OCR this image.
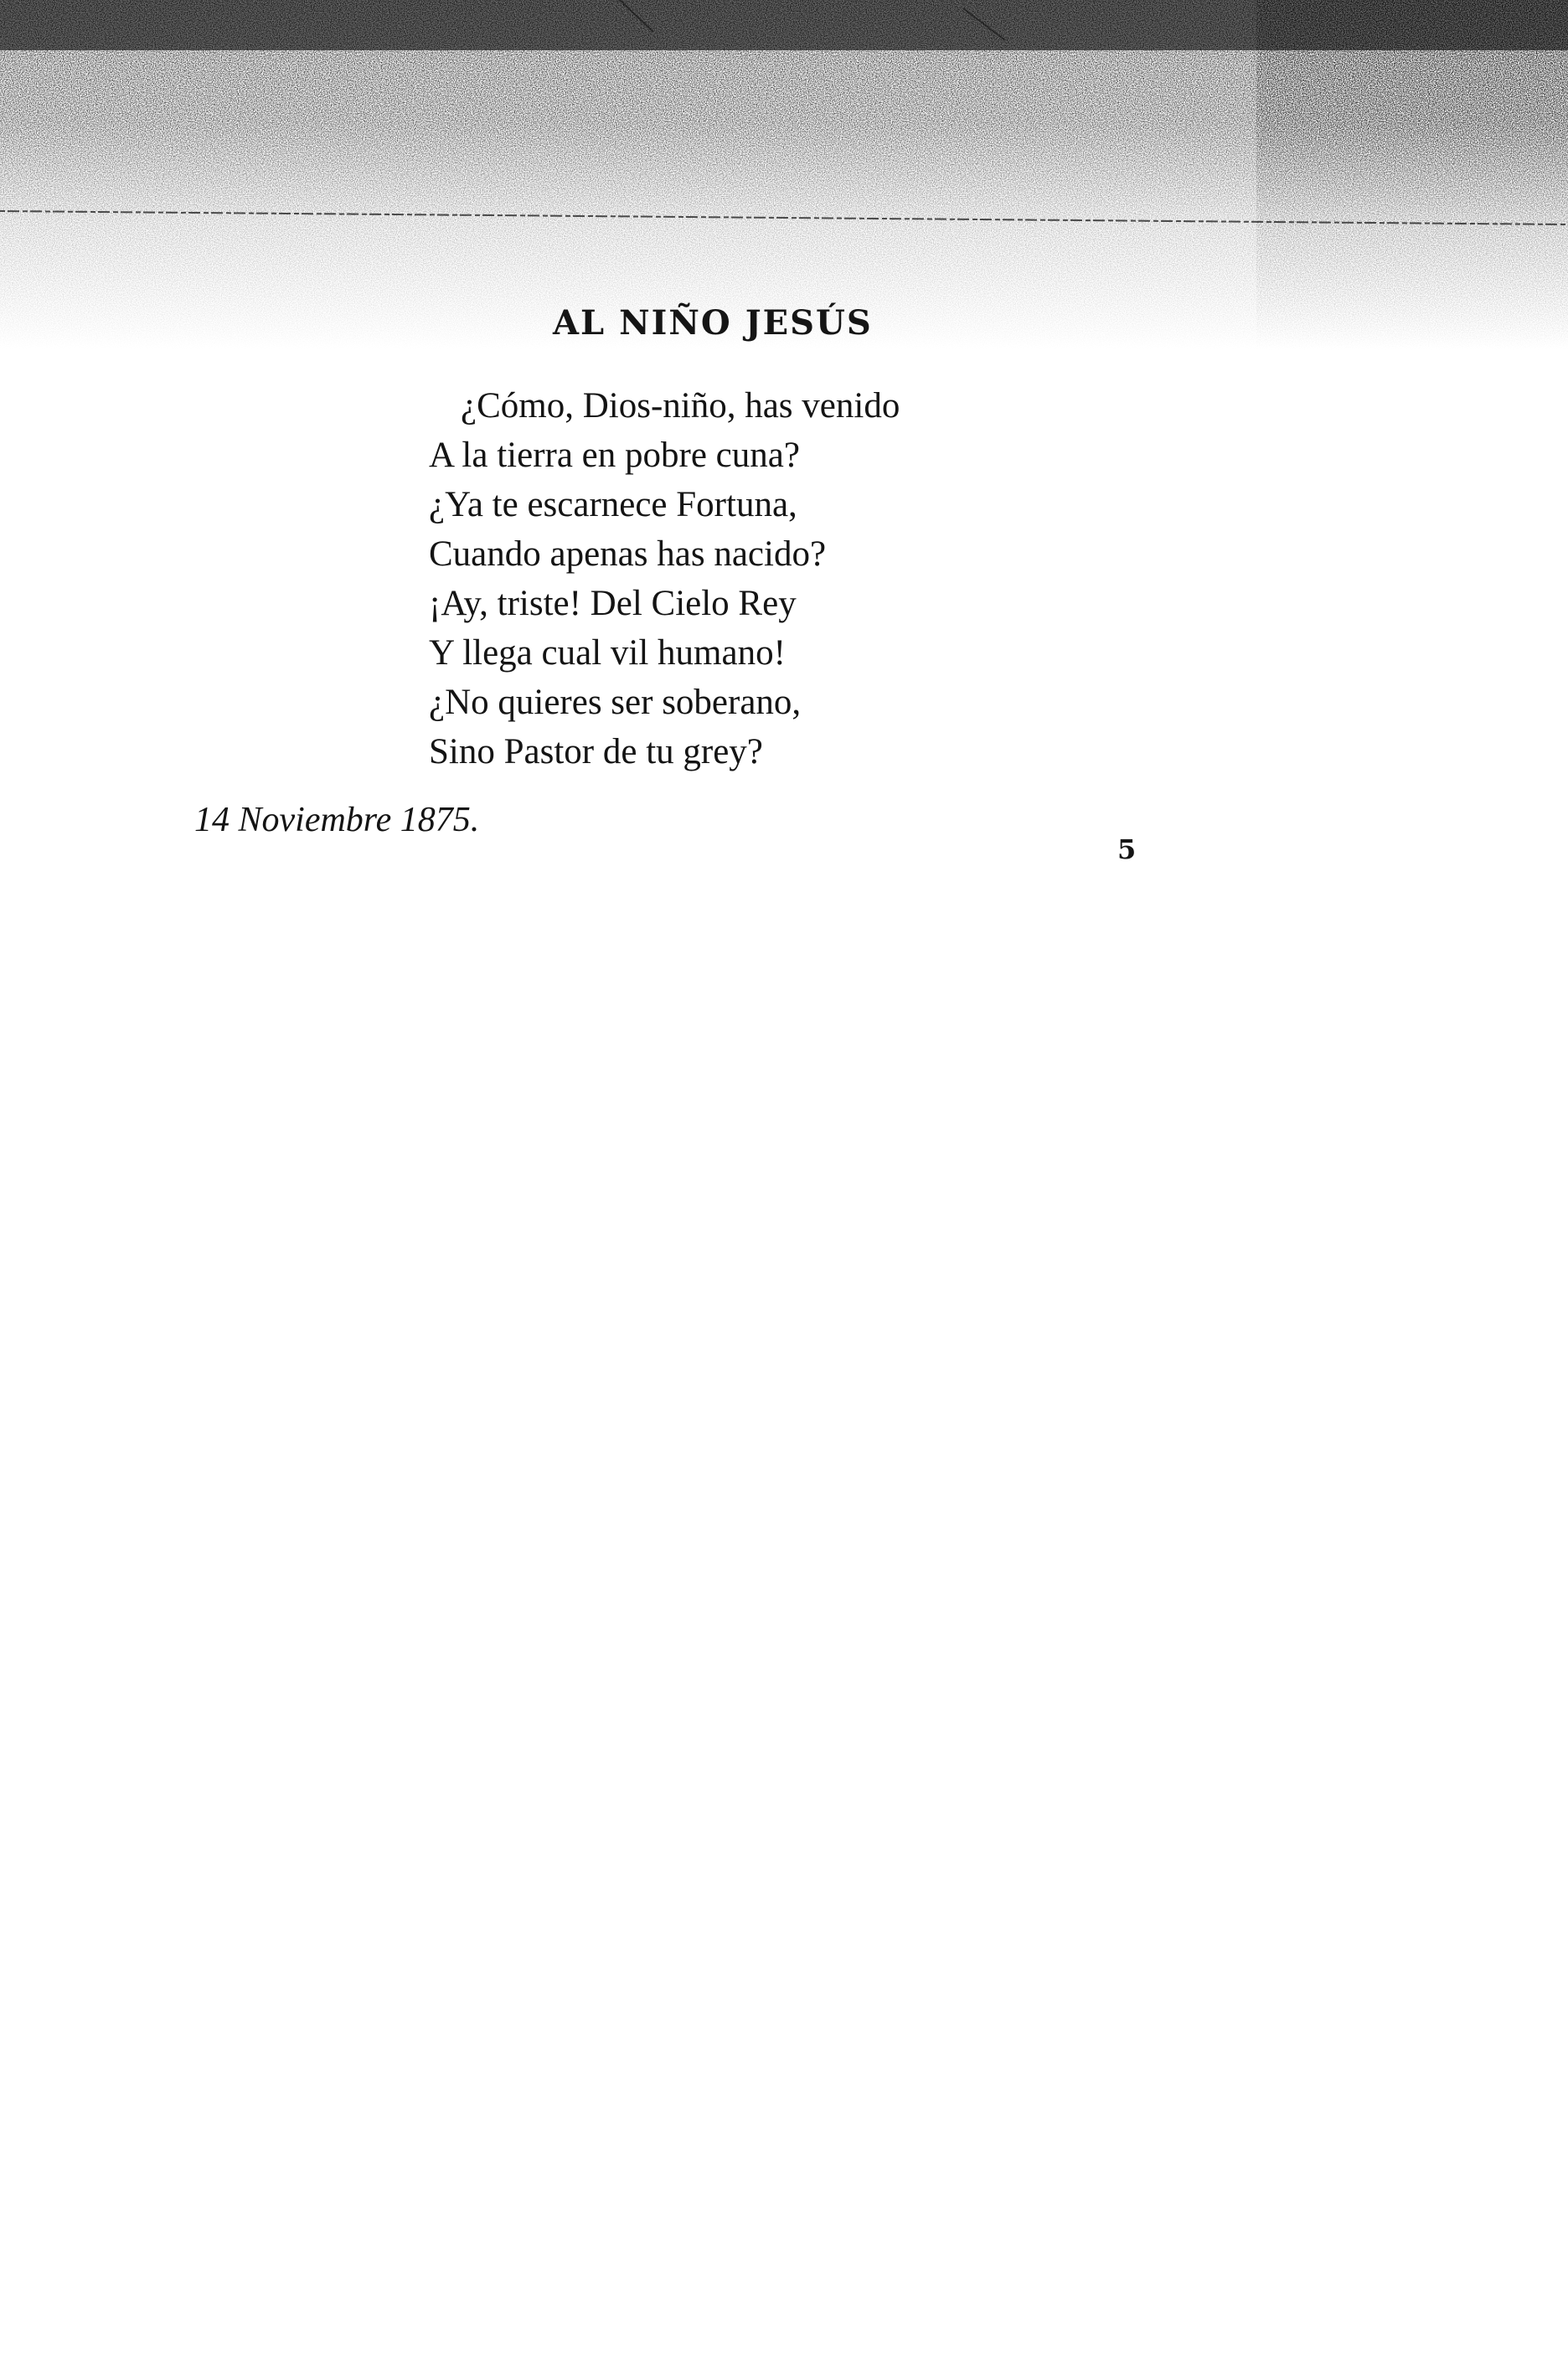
AL NIÑO JESÚS
¿Cómo, Dios-niño, has venido
A la tierra en pobre cuna?
¿Ya te escarnece Fortuna,
Cuando apenas has nacido?
¡Ay, triste! Del Cielo Rey
Y llega cual vil humano!
¿No quieres ser soberano,
Sino Pastor de tu grey?
14 Noviembre 1875.
5
